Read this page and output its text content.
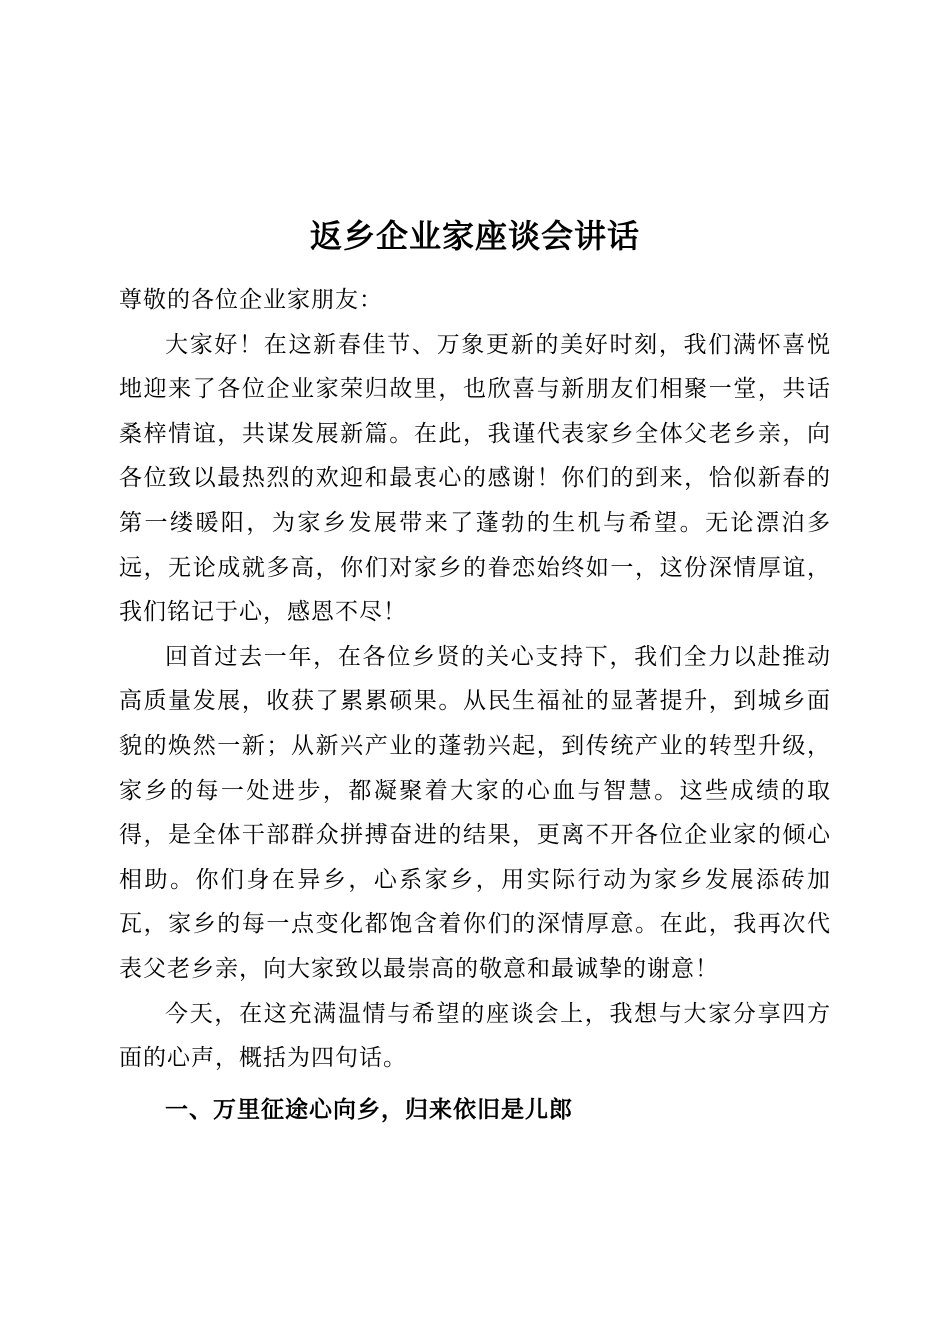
返乡企业家座谈会讲话

尊敬的各位企业家朋友：

大家好！在这新春佳节、万象更新的美好时刻，我们满怀喜悦地迎来了各位企业家荣归故里，也欣喜与新朋友们相聚一堂，共话桑梓情谊，共谋发展新篇。在此，我谨代表家乡全体父老乡亲，向各位致以最热烈的欢迎和最衷心的感谢！你们的到来，恰似新春的第一缕暖阳，为家乡发展带来了蓬勃的生机与希望。无论漂泊多远，无论成就多高，你们对家乡的眷恋始终如一，这份深情厚谊，我们铭记于心，感恩不尽！

回首过去一年，在各位乡贤的关心支持下，我们全力以赴推动高质量发展，收获了累累硕果。从民生福祉的显著提升，到城乡面貌的焕然一新；从新兴产业的蓬勃兴起，到传统产业的转型升级，家乡的每一处进步，都凝聚着大家的心血与智慧。这些成绩的取得，是全体干部群众拼搏奋进的结果，更离不开各位企业家的倾心相助。你们身在异乡，心系家乡，用实际行动为家乡发展添砖加瓦，家乡的每一点变化都饱含着你们的深情厚意。在此，我再次代表父老乡亲，向大家致以最崇高的敬意和最诚挚的谢意！

今天，在这充满温情与希望的座谈会上，我想与大家分享四方面的心声，概括为四句话。

一、万里征途心向乡，归来依旧是儿郎
